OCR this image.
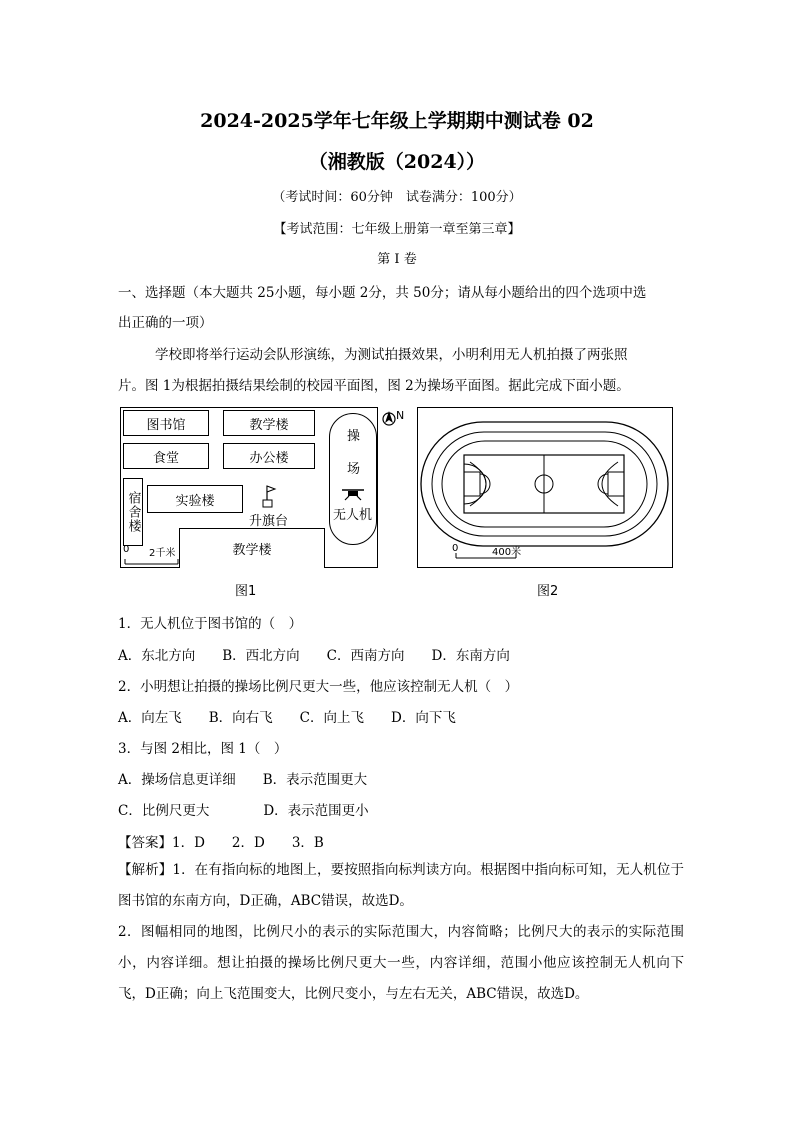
2024-2025学年七年级上学期期中测试卷 02
（湘教版（2024））
（考试时间：60分钟　试卷满分：100分）
【考试范围：七年级上册第一章至第三章】
第 I 卷
一、选择题（本大题共 25小题，每小题 2分，共 50分；请从每小题给出的四个选项中选
出正确的一项）
学校即将举行运动会队形演练，为测试拍摄效果，小明利用无人机拍摄了两张照
片。图 1为根据拍摄结果绘制的校园平面图，图 2为操场平面图。据此完成下面小题。
图书馆	教学楼
食堂	办公楼
实验楼
宿舍楼
教学楼
操
场
无人机
升旗台
0 2千米
N
图1
0	400米
图2
1．无人机位于图书馆的（　）
A．东北方向　　B．西北方向　　C．西南方向　　D．东南方向
2．小明想让拍摄的操场比例尺更大一些，他应该控制无人机（　）
A．向左飞　　B．向右飞　　C．向上飞　　D．向下飞
3．与图 2相比，图 1（　）
A．操场信息更详细　　B．表示范围更大
C．比例尺更大　　　　D．表示范围更小
【答案】1．D　　2．D　　3．B
【解析】1．在有指向标的地图上，要按照指向标判读方向。根据图中指向标可知，无人机位于图书馆的东南方向，D正确，ABC错误，故选D。
2．图幅相同的地图，比例尺小的表示的实际范围大，内容简略；比例尺大的表示的实际范围小，内容详细。想让拍摄的操场比例尺更大一些，内容详细，范围小他应该控制无人机向下飞，D正确；向上飞范围变大，比例尺变小，与左右无关，ABC错误，故选D。
